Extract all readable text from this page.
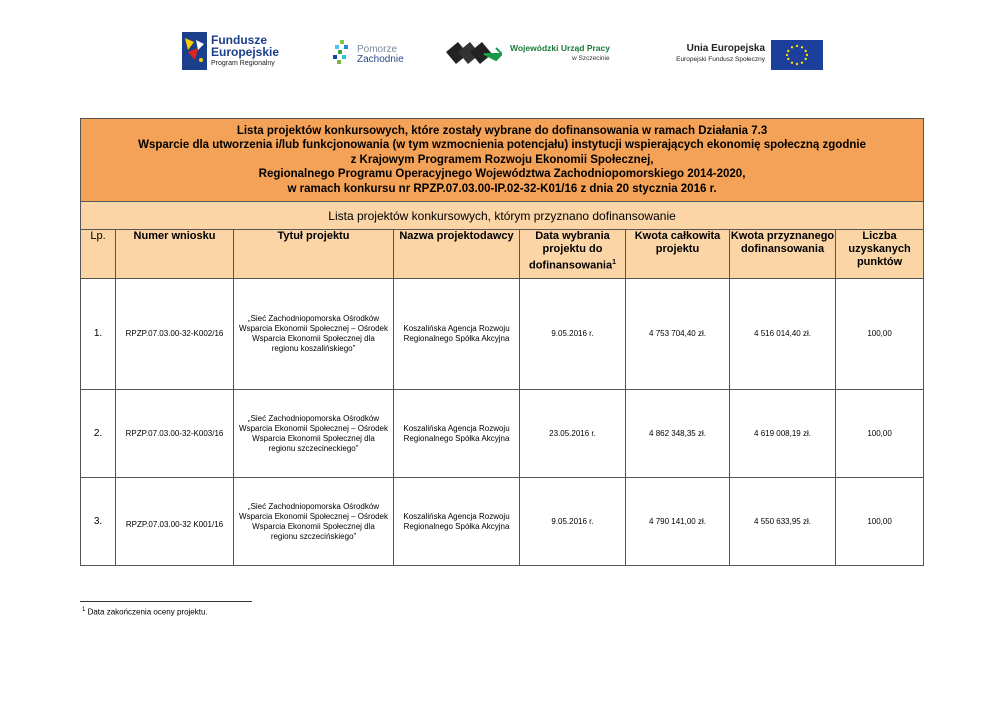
Fundusze
Europejskie
Program Regionalny
Pomorze
Zachodnie
Wojewódzki Urząd Pracy
w Szczecinie
Unia Europejska
Europejski Fundusz Społeczny
Lista projektów konkursowych, które zostały wybrane do dofinansowania w ramach Działania 7.3
Wsparcie dla utworzenia i/lub funkcjonowania (w tym wzmocnienia potencjału) instytucji wspierających ekonomię społeczną zgodnie
z Krajowym Programem Rozwoju Ekonomii Społecznej,
Regionalnego Programu Operacyjnego Województwa Zachodniopomorskiego 2014-2020,
w ramach konkursu nr RPZP.07.03.00-IP.02-32-K01/16 z dnia 20 stycznia 2016 r.							

Lista projektów konkursowych, którym przyznano dofinansowanie							
Lp.	Numer wniosku	Tytuł projektu	Nazwa projektodawcy	Data wybrania projektu do dofinansowania$^1$	Kwota całkowita projektu	Kwota przyznanego dofinansowania	Liczba uzyskanych punktów
1.	RPZP.07.03.00-32-K002/16	„Sieć Zachodniopomorska Ośrodków Wsparcia Ekonomii Społecznej – Ośrodek Wsparcia Ekonomii Społecznej dla regionu koszalińskiego”	Koszalińska Agencja Rozwoju Regionalnego Spółka Akcyjna	9.05.2016 r.	4 753 704,40 zł.	4 516 014,40 zł.	100,00
2.	RPZP.07.03.00-32-K003/16	„Sieć Zachodniopomorska Ośrodków Wsparcia Ekonomii Społecznej – Ośrodek Wsparcia Ekonomii Społecznej dla regionu szczecineckiego”	Koszalińska Agencja Rozwoju Regionalnego Spółka Akcyjna	23.05.2016 r.	4 862 348,35 zł.	4 619 008,19 zł.	100,00
3.	RPZP.07.03.00-32 K001/16	„Sieć Zachodniopomorska Ośrodków Wsparcia Ekonomii Społecznej – Ośrodek Wsparcia Ekonomii Społecznej dla regionu szczecińskiego”	Koszalińska Agencja Rozwoju Regionalnego Spółka Akcyjna	9.05.2016 r.	4 790 141,00 zł.	4 550 633,95 zł.	100,00
$^1$ Data zakończenia oceny projektu.
